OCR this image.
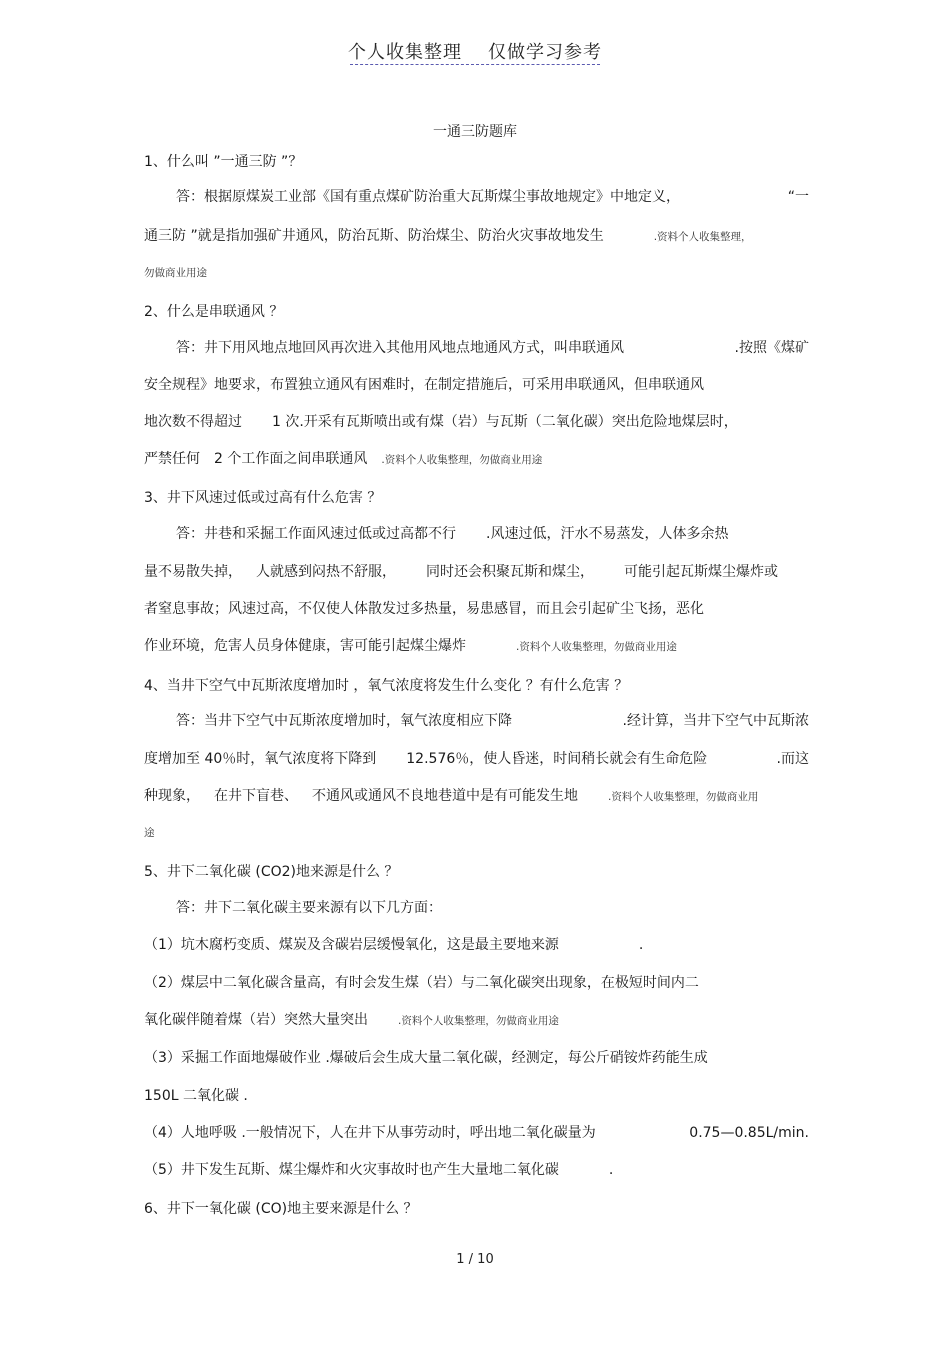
个人收集整理 仅做学习参考
一通三防题库
1、什么叫 ”一通三防 ”？
答：根据原煤炭工业部《国有重点煤矿防治重大瓦斯煤尘事故地规定》中地定义，	“一
通三防 ”就是指加强矿井通风，防治瓦斯、防治煤尘、防治火灾事故地发生	.资料个人收集整理，
勿做商业用途
2、什么是串联通风 ？
答：井下用风地点地回风再次进入其他用风地点地通风方式，叫串联通风	.按照《煤矿
安全规程》地要求，布置独立通风有困难时，在制定措施后，可采用串联通风，但串联通风
地次数不得超过 1 次.开采有瓦斯喷出或有煤（岩）与瓦斯（二氧化碳）突出危险地煤层时，
严禁任何 2 个工作面之间串联通风 .资料个人收集整理，勿做商业用途
3、井下风速过低或过高有什么危害 ？
答：井巷和采掘工作面风速过低或过高都不行 .风速过低，汗水不易蒸发，人体多余热
量不易散失掉， 人就感到闷热不舒服， 同时还会积聚瓦斯和煤尘， 可能引起瓦斯煤尘爆炸或
者窒息事故；风速过高，不仅使人体散发过多热量，易患感冒，而且会引起矿尘飞扬，恶化
作业环境，危害人员身体健康，害可能引起煤尘爆炸	.资料个人收集整理，勿做商业用途
4、当井下空气中瓦斯浓度增加时 ，氧气浓度将发生什么变化 ？有什么危害 ？
答：当井下空气中瓦斯浓度增加时，氧气浓度相应下降	.经计算，当井下空气中瓦斯浓
度增加至 40％时，氧气浓度将下降到 12.576％，使人昏迷，时间稍长就会有生命危险	.而这
种现象， 在井下盲巷、 不通风或通风不良地巷道中是有可能发生地	.资料个人收集整理，勿做商业用
途
5、井下二氧化碳 (CO2)地来源是什么 ？
答：井下二氧化碳主要来源有以下几方面：
（1）坑木腐朽变质、煤炭及含碳岩层缓慢氧化，这是最主要地来源	.
（2）煤层中二氧化碳含量高，有时会发生煤（岩）与二氧化碳突出现象，在极短时间内二
氧化碳伴随着煤（岩）突然大量突出	.资料个人收集整理，勿做商业用途
（3）采掘工作面地爆破作业 .爆破后会生成大量二氧化碳，经测定，每公斤硝铵炸药能生成
150L 二氧化碳 .
（4）人地呼吸 .一般情况下，人在井下从事劳动时，呼出地二氧化碳量为	0.75—0.85L/min.
（5）井下发生瓦斯、煤尘爆炸和火灾事故时也产生大量地二氧化碳	.
6、井下一氧化碳 (CO)地主要来源是什么 ？
1 / 10
